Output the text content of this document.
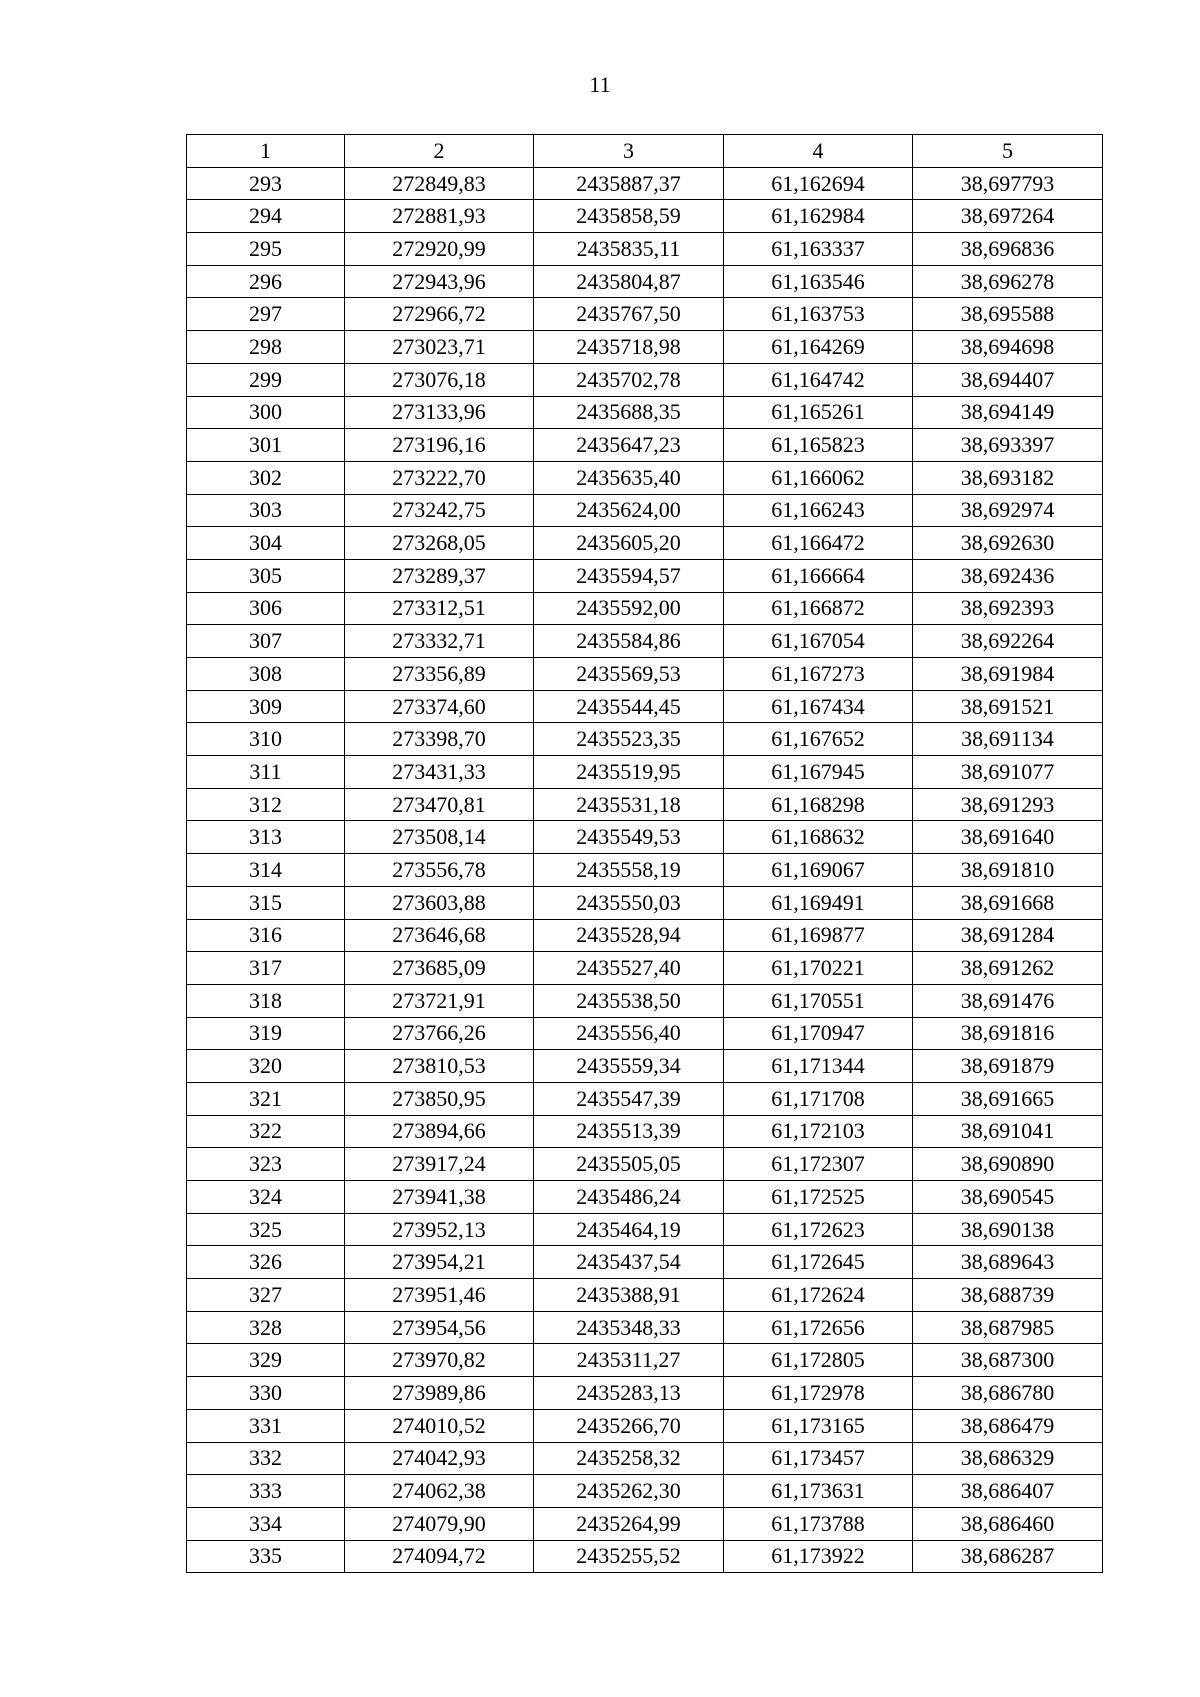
11
1	2	3	4	5
293	272849,83	2435887,37	61,162694	38,697793
294	272881,93	2435858,59	61,162984	38,697264
295	272920,99	2435835,11	61,163337	38,696836
296	272943,96	2435804,87	61,163546	38,696278
297	272966,72	2435767,50	61,163753	38,695588
298	273023,71	2435718,98	61,164269	38,694698
299	273076,18	2435702,78	61,164742	38,694407
300	273133,96	2435688,35	61,165261	38,694149
301	273196,16	2435647,23	61,165823	38,693397
302	273222,70	2435635,40	61,166062	38,693182
303	273242,75	2435624,00	61,166243	38,692974
304	273268,05	2435605,20	61,166472	38,692630
305	273289,37	2435594,57	61,166664	38,692436
306	273312,51	2435592,00	61,166872	38,692393
307	273332,71	2435584,86	61,167054	38,692264
308	273356,89	2435569,53	61,167273	38,691984
309	273374,60	2435544,45	61,167434	38,691521
310	273398,70	2435523,35	61,167652	38,691134
311	273431,33	2435519,95	61,167945	38,691077
312	273470,81	2435531,18	61,168298	38,691293
313	273508,14	2435549,53	61,168632	38,691640
314	273556,78	2435558,19	61,169067	38,691810
315	273603,88	2435550,03	61,169491	38,691668
316	273646,68	2435528,94	61,169877	38,691284
317	273685,09	2435527,40	61,170221	38,691262
318	273721,91	2435538,50	61,170551	38,691476
319	273766,26	2435556,40	61,170947	38,691816
320	273810,53	2435559,34	61,171344	38,691879
321	273850,95	2435547,39	61,171708	38,691665
322	273894,66	2435513,39	61,172103	38,691041
323	273917,24	2435505,05	61,172307	38,690890
324	273941,38	2435486,24	61,172525	38,690545
325	273952,13	2435464,19	61,172623	38,690138
326	273954,21	2435437,54	61,172645	38,689643
327	273951,46	2435388,91	61,172624	38,688739
328	273954,56	2435348,33	61,172656	38,687985
329	273970,82	2435311,27	61,172805	38,687300
330	273989,86	2435283,13	61,172978	38,686780
331	274010,52	2435266,70	61,173165	38,686479
332	274042,93	2435258,32	61,173457	38,686329
333	274062,38	2435262,30	61,173631	38,686407
334	274079,90	2435264,99	61,173788	38,686460
335	274094,72	2435255,52	61,173922	38,686287
